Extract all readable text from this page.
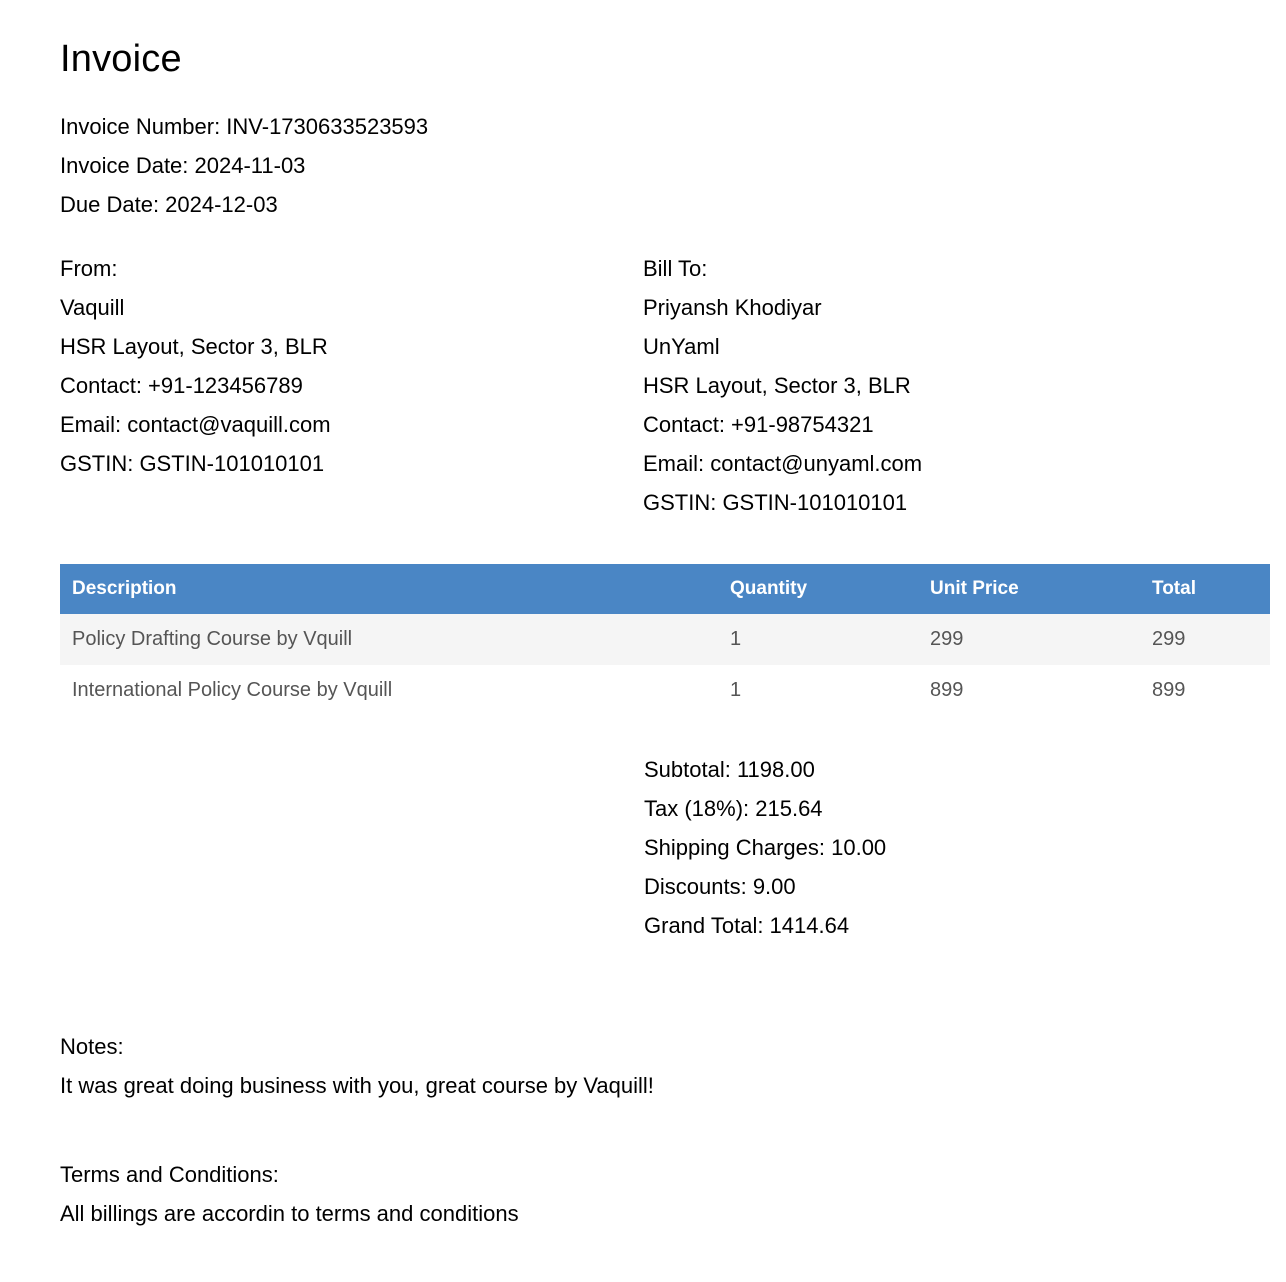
Invoice
Invoice Number: INV-1730633523593
Invoice Date: 2024-11-03
Due Date: 2024-12-03
From:
Vaquill
HSR Layout, Sector 3, BLR
Contact: +91-123456789
Email: contact@vaquill.com
GSTIN: GSTIN-101010101
Bill To:
Priyansh Khodiyar
UnYaml
HSR Layout, Sector 3, BLR
Contact: +91-98754321
Email: contact@unyaml.com
GSTIN: GSTIN-101010101
Description	Quantity	Unit Price	Total
Policy Drafting Course by Vquill	1	299	299
International Policy Course by Vquill	1	899	899
Subtotal: 1198.00
Tax (18%): 215.64
Shipping Charges: 10.00
Discounts: 9.00
Grand Total: 1414.64
Notes:
It was great doing business with you, great course by Vaquill!
Terms and Conditions:
All billings are accordin to terms and conditions
